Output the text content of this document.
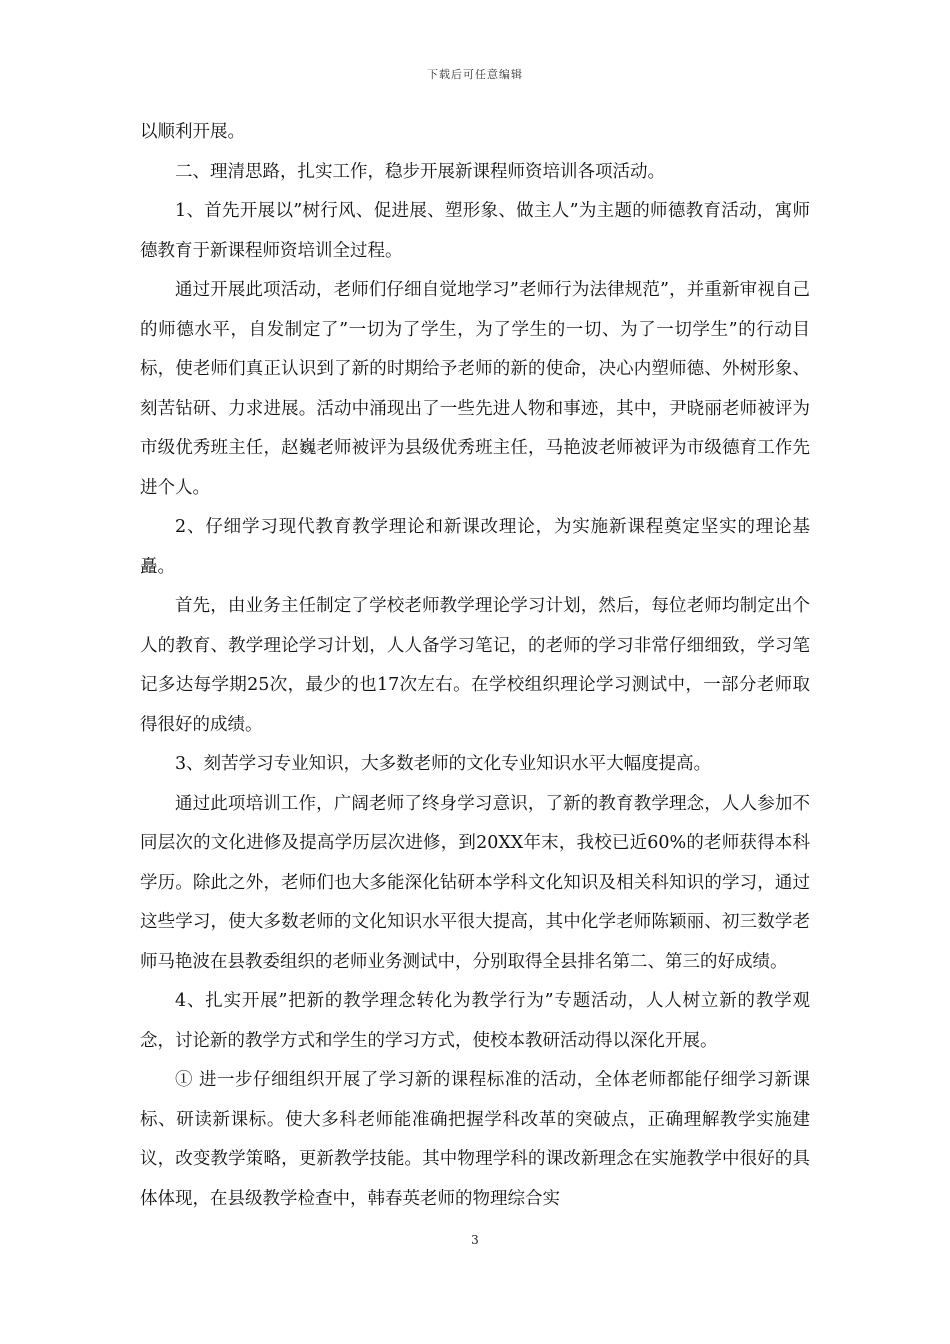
下载后可任意编辑

以顺利开展。

二、理清思路，扎实工作，稳步开展新课程师资培训各项活动。

1、首先开展以”树行风、促进展、塑形象、做主人”为主题的师德教育活动，寓师德教育于新课程师资培训全过程。

通过开展此项活动，老师们仔细自觉地学习”老师行为法律规范”，并重新审视自己的师德水平，自发制定了”一切为了学生，为了学生的一切、为了一切学生”的行动目标，使老师们真正认识到了新的时期给予老师的新的使命，决心内塑师德、外树形象、刻苦钻研、力求进展。活动中涌现出了一些先进人物和事迹，其中，尹晓丽老师被评为市级优秀班主任，赵巍老师被评为县级优秀班主任，马艳波老师被评为市级德育工作先进个人。

2、仔细学习现代教育教学理论和新课改理论，为实施新课程奠定坚实的理论基矗。

首先，由业务主任制定了学校老师教学理论学习计划，然后，每位老师均制定出个人的教育、教学理论学习计划，人人备学习笔记，的老师的学习非常仔细细致，学习笔记多达每学期25次，最少的也17次左右。在学校组织理论学习测试中，一部分老师取得很好的成绩。

3、刻苦学习专业知识，大多数老师的文化专业知识水平大幅度提高。

通过此项培训工作，广阔老师了终身学习意识，了新的教育教学理念，人人参加不同层次的文化进修及提高学历层次进修，到20XX年末，我校已近60%的老师获得本科学历。除此之外，老师们也大多能深化钻研本学科文化知识及相关科知识的学习，通过这些学习，使大多数老师的文化知识水平很大提高，其中化学老师陈颖丽、初三数学老师马艳波在县教委组织的老师业务测试中，分别取得全县排名第二、第三的好成绩。

4、扎实开展”把新的教学理念转化为教学行为”专题活动，人人树立新的教学观念，讨论新的教学方式和学生的学习方式，使校本教研活动得以深化开展。

① 进一步仔细组织开展了学习新的课程标准的活动，全体老师都能仔细学习新课标、研读新课标。使大多科老师能准确把握学科改革的突破点，正确理解教学实施建议，改变教学策略，更新教学技能。其中物理学科的课改新理念在实施教学中很好的具体体现，在县级教学检查中，韩春英老师的物理综合实

3
